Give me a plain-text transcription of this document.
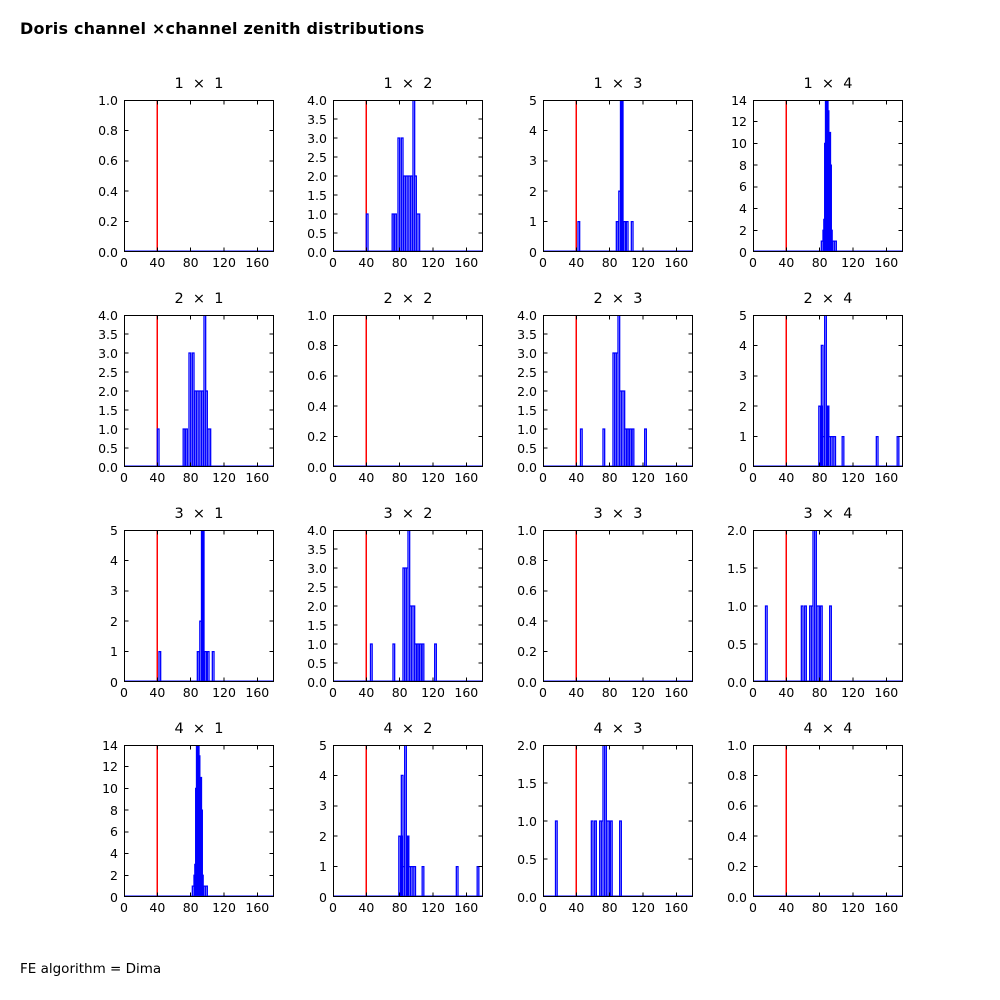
Doris channel ×channel zenith distributions
1  ×  1
0.0
0.2
0.4
0.6
0.8
1.0
0	40	80	120 160
1  ×  2
0.0
0.5
1.0
1.5
2.0
2.5
3.0
3.5
4.0
0	40	80	120 160
1  ×  3
0
1
2
3
4
5
0	40	80	120 160
1  ×  4
0
2
4
6
8
10
12
14
0	40	80	120 160
2  ×  1
0.0
0.5
1.0
1.5
2.0
2.5
3.0
3.5
4.0
0	40	80	120 160
2  ×  2
0.0
0.2
0.4
0.6
0.8
1.0
0	40	80	120 160
2  ×  3
0.0
0.5
1.0
1.5
2.0
2.5
3.0
3.5
4.0
0	40	80	120 160
2  ×  4
0
1
2
3
4
5
0	40	80	120 160
3  ×  1
0
1
2
3
4
5
0	40	80	120 160
3  ×  2
0.0
0.5
1.0
1.5
2.0
2.5
3.0
3.5
4.0
0	40	80	120 160
3  ×  3
0.0
0.2
0.4
0.6
0.8
1.0
0	40	80	120 160
3  ×  4
0.0
0.5
1.0
1.5
2.0
0	40	80	120 160
4  ×  1
0
2
4
6
8
10
12
14
0	40	80	120 160
4  ×  2
0
1
2
3
4
5
0	40	80	120 160
4  ×  3
0.0
0.5
1.0
1.5
2.0
0	40	80	120 160
4  ×  4
0.0
0.2
0.4
0.6
0.8
1.0
0	40	80	120 160
FE algorithm = Dima
